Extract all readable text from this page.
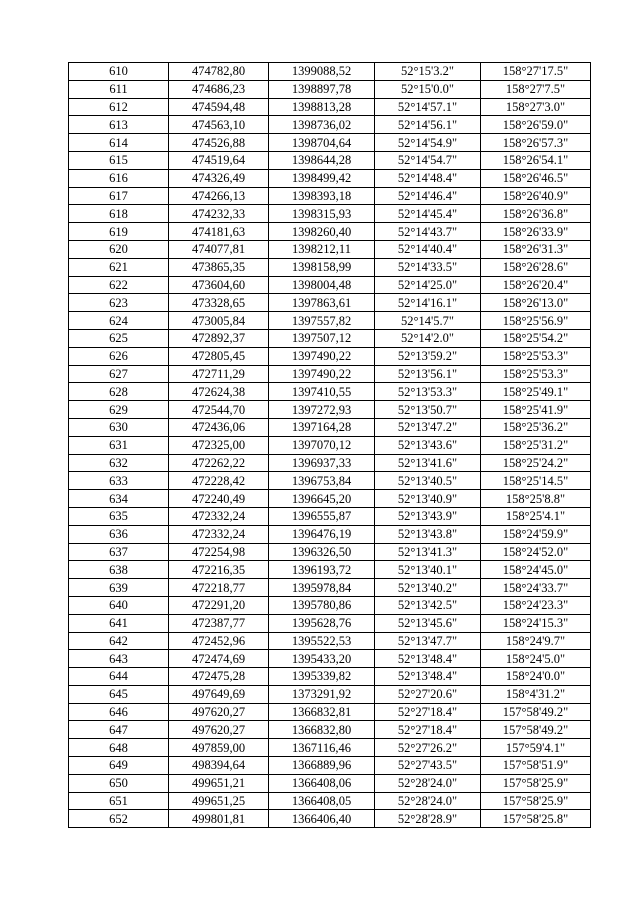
610	474782,80	1399088,52	52°15'3.2"	158°27'17.5"
611	474686,23	1398897,78	52°15'0.0"	158°27'7.5"
612	474594,48	1398813,28	52°14'57.1"	158°27'3.0"
613	474563,10	1398736,02	52°14'56.1"	158°26'59.0"
614	474526,88	1398704,64	52°14'54.9"	158°26'57.3"
615	474519,64	1398644,28	52°14'54.7"	158°26'54.1"
616	474326,49	1398499,42	52°14'48.4"	158°26'46.5"
617	474266,13	1398393,18	52°14'46.4"	158°26'40.9"
618	474232,33	1398315,93	52°14'45.4"	158°26'36.8"
619	474181,63	1398260,40	52°14'43.7"	158°26'33.9"
620	474077,81	1398212,11	52°14'40.4"	158°26'31.3"
621	473865,35	1398158,99	52°14'33.5"	158°26'28.6"
622	473604,60	1398004,48	52°14'25.0"	158°26'20.4"
623	473328,65	1397863,61	52°14'16.1"	158°26'13.0"
624	473005,84	1397557,82	52°14'5.7"	158°25'56.9"
625	472892,37	1397507,12	52°14'2.0"	158°25'54.2"
626	472805,45	1397490,22	52°13'59.2"	158°25'53.3"
627	472711,29	1397490,22	52°13'56.1"	158°25'53.3"
628	472624,38	1397410,55	52°13'53.3"	158°25'49.1"
629	472544,70	1397272,93	52°13'50.7"	158°25'41.9"
630	472436,06	1397164,28	52°13'47.2"	158°25'36.2"
631	472325,00	1397070,12	52°13'43.6"	158°25'31.2"
632	472262,22	1396937,33	52°13'41.6"	158°25'24.2"
633	472228,42	1396753,84	52°13'40.5"	158°25'14.5"
634	472240,49	1396645,20	52°13'40.9"	158°25'8.8"
635	472332,24	1396555,87	52°13'43.9"	158°25'4.1"
636	472332,24	1396476,19	52°13'43.8"	158°24'59.9"
637	472254,98	1396326,50	52°13'41.3"	158°24'52.0"
638	472216,35	1396193,72	52°13'40.1"	158°24'45.0"
639	472218,77	1395978,84	52°13'40.2"	158°24'33.7"
640	472291,20	1395780,86	52°13'42.5"	158°24'23.3"
641	472387,77	1395628,76	52°13'45.6"	158°24'15.3"
642	472452,96	1395522,53	52°13'47.7"	158°24'9.7"
643	472474,69	1395433,20	52°13'48.4"	158°24'5.0"
644	472475,28	1395339,82	52°13'48.4"	158°24'0.0"
645	497649,69	1373291,92	52°27'20.6"	158°4'31.2"
646	497620,27	1366832,81	52°27'18.4"	157°58'49.2"
647	497620,27	1366832,80	52°27'18.4"	157°58'49.2"
648	497859,00	1367116,46	52°27'26.2"	157°59'4.1"
649	498394,64	1366889,96	52°27'43.5"	157°58'51.9"
650	499651,21	1366408,06	52°28'24.0"	157°58'25.9"
651	499651,25	1366408,05	52°28'24.0"	157°58'25.9"
652	499801,81	1366406,40	52°28'28.9"	157°58'25.8"
